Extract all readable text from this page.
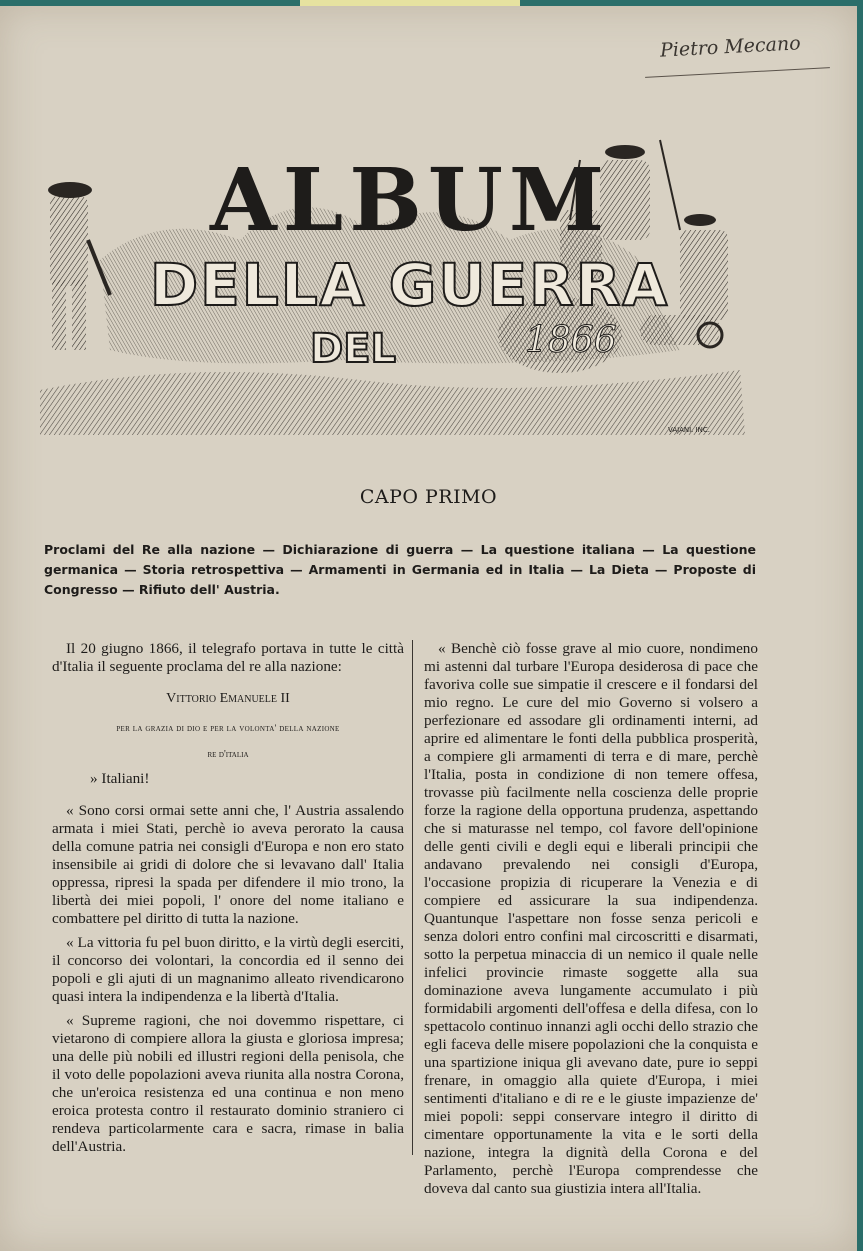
Pietro Mecano
ALBUM
DELLA GUERRA
DEL	1866
VAJANI. INC.
CAPO PRIMO
Proclami del Re alla nazione — Dichiarazione di guerra — La questione italiana — La questione germanica — Storia retrospettiva — Armamenti in Germania ed in Italia — La Dieta — Proposte di Congresso — Rifiuto dell' Austria.

Il 20 giugno 1866, il telegrafo portava in tutte le città d'Italia il seguente proclama del re alla nazione:

Vittorio Emanuele II

per la grazia di dio e per la volonta' della nazione

re d'italia

» Italiani!

« Sono corsi ormai sette anni che, l' Austria assalendo armata i miei Stati, perchè io aveva perorato la causa della comune patria nei consigli d'Europa e non ero stato insensibile ai gridi di dolore che si levavano dall' Italia oppressa, ripresi la spada per difendere il mio trono, la libertà dei miei popoli, l' onore del nome italiano e combattere pel diritto di tutta la nazione.

« La vittoria fu pel buon diritto, e la virtù degli eserciti, il concorso dei volontari, la concordia ed il senno dei popoli e gli ajuti di un magnanimo alleato rivendicarono quasi intera la indipendenza e la libertà d'Italia.

« Supreme ragioni, che noi dovemmo rispettare, ci vietarono di compiere allora la giusta e gloriosa impresa; una delle più nobili ed illustri regioni della penisola, che il voto delle popolazioni aveva riunita alla nostra Corona, che un'eroica resistenza ed una continua e non meno eroica protesta contro il restaurato dominio straniero ci rendeva particolarmente cara e sacra, rimase in balia dell'Austria.

« Benchè ciò fosse grave al mio cuore, nondimeno mi astenni dal turbare l'Europa desiderosa di pace che favoriva colle sue simpatie il crescere e il fondarsi del mio regno. Le cure del mio Governo si volsero a perfezionare ed assodare gli ordinamenti interni, ad aprire ed alimentare le fonti della pubblica prosperità, a compiere gli armamenti di terra e di mare, perchè l'Italia, posta in condizione di non temere offesa, trovasse più facilmente nella coscienza delle proprie forze la ragione della opportuna prudenza, aspettando che si maturasse nel tempo, col favore dell'opinione delle genti civili e degli equi e liberali principii che andavano prevalendo nei consigli d'Europa, l'occasione propizia di ricuperare la Venezia e di compiere ed assicurare la sua indipendenza. Quantunque l'aspettare non fosse senza pericoli e senza dolori entro confini mal circoscritti e disarmati, sotto la perpetua minaccia di un nemico il quale nelle infelici provincie rimaste soggette alla sua dominazione aveva lungamente accumulato i più formidabili argomenti dell'offesa e della difesa, con lo spettacolo continuo innanzi agli occhi dello strazio che egli faceva delle misere popolazioni che la conquista e una spartizione iniqua gli avevano date, pure io seppi frenare, in omaggio alla quiete d'Europa, i miei sentimenti d'italiano e di re e le giuste impazienze de' miei popoli: seppi conservare integro il diritto di cimentare opportunamente la vita e le sorti della nazione, integra la dignità della Corona e del Parlamento, perchè l'Europa comprendesse che doveva dal canto sua giustizia intera all'Italia.
